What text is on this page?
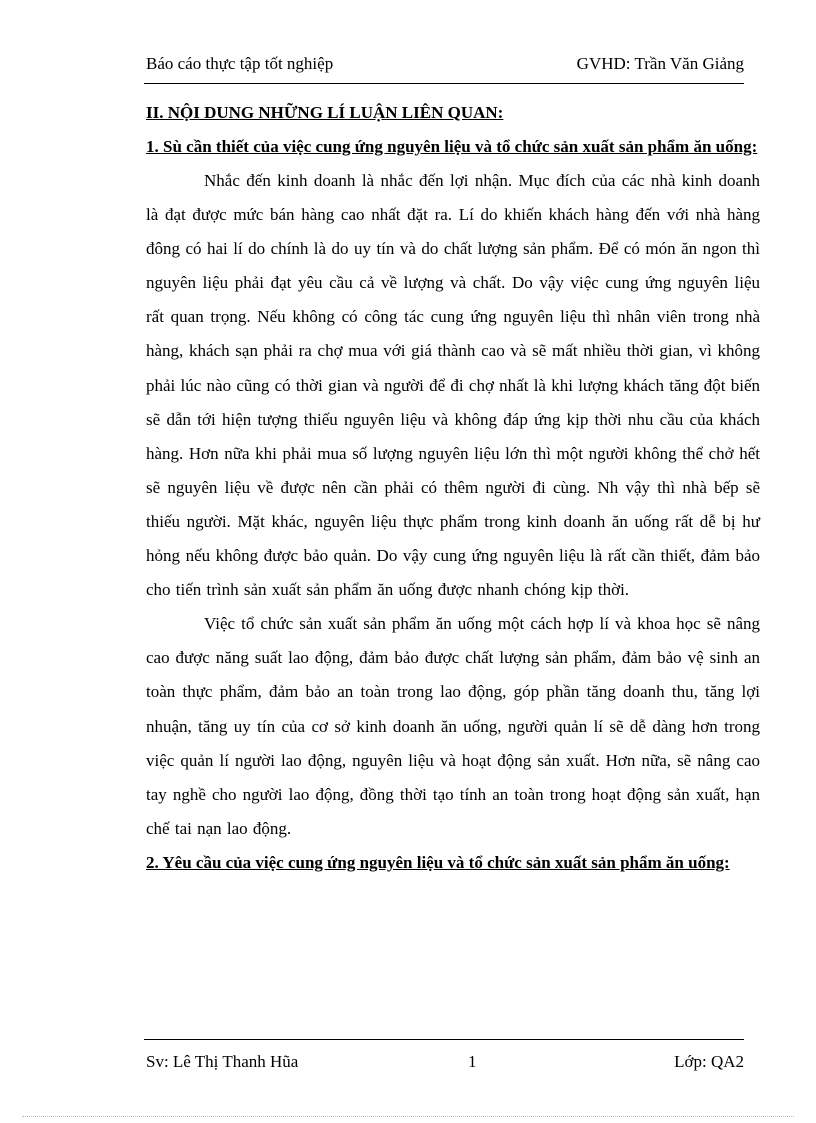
Báo cáo thực tập tốt nghiệp	GVHD: Trần Văn Giảng

II. NỘI DUNG NHỮNG LÍ LUẬN LIÊN QUAN:

1. Sù cần thiết của việc cung ứng nguyên liệu và tổ chức sản xuất sản phẩm ăn uống:

Nhắc đến kinh doanh là nhắc đến lợi nhận. Mục đích của các nhà kinh doanh là đạt được mức bán hàng cao nhất đặt ra. Lí do khiến khách hàng đến với nhà hàng đông có hai lí do chính là do uy tín và do chất lượng sản phẩm. Để có món ăn ngon thì nguyên liệu phải đạt yêu cầu cả về lượng và chất. Do vậy việc cung ứng nguyên liệu rất quan trọng. Nếu không có công tác cung ứng nguyên liệu thì nhân viên trong nhà hàng, khách sạn phải ra chợ mua với giá thành cao và sẽ mất nhiều thời gian, vì không phải lúc nào cũng có thời gian và người để đi chợ nhất là khi lượng khách tăng đột biến sẽ dẫn tới hiện tượng thiếu nguyên liệu và không đáp ứng kịp thời nhu cầu của khách hàng. Hơn nữa khi phải mua số lượng nguyên liệu lớn thì một người không thể chở hết sẽ nguyên liệu về được nên cần phải có thêm người đi cùng. Nh vậy thì nhà bếp sẽ thiếu người. Mặt khác, nguyên liệu thực phẩm trong kinh doanh ăn uống rất dễ bị hư hỏng nếu không được bảo quản. Do vậy cung ứng nguyên liệu là rất cần thiết, đảm bảo cho tiến trình sản xuất sản phẩm ăn uống được nhanh chóng kịp thời.

Việc tổ chức sản xuất sản phẩm ăn uống một cách hợp lí và khoa học sẽ nâng cao được năng suất lao động, đảm bảo được chất lượng sản phẩm, đảm bảo vệ sinh an toàn thực phẩm, đảm bảo an toàn trong lao động, góp phần tăng doanh thu, tăng lợi nhuận, tăng uy tín của cơ sở kinh doanh ăn uống, người quản lí sẽ dễ dàng hơn trong việc quản lí người lao động, nguyên liệu và hoạt động sản xuất. Hơn nữa, sẽ nâng cao tay nghề cho người lao động, đồng thời tạo tính an toàn trong hoạt động sản xuất, hạn chế tai nạn lao động.

2. Yêu cầu của việc cung ứng nguyên liệu và tổ chức sản xuất sản phẩm ăn uống:

Sv: Lê Thị Thanh Hũa	1	Lớp: QA2
